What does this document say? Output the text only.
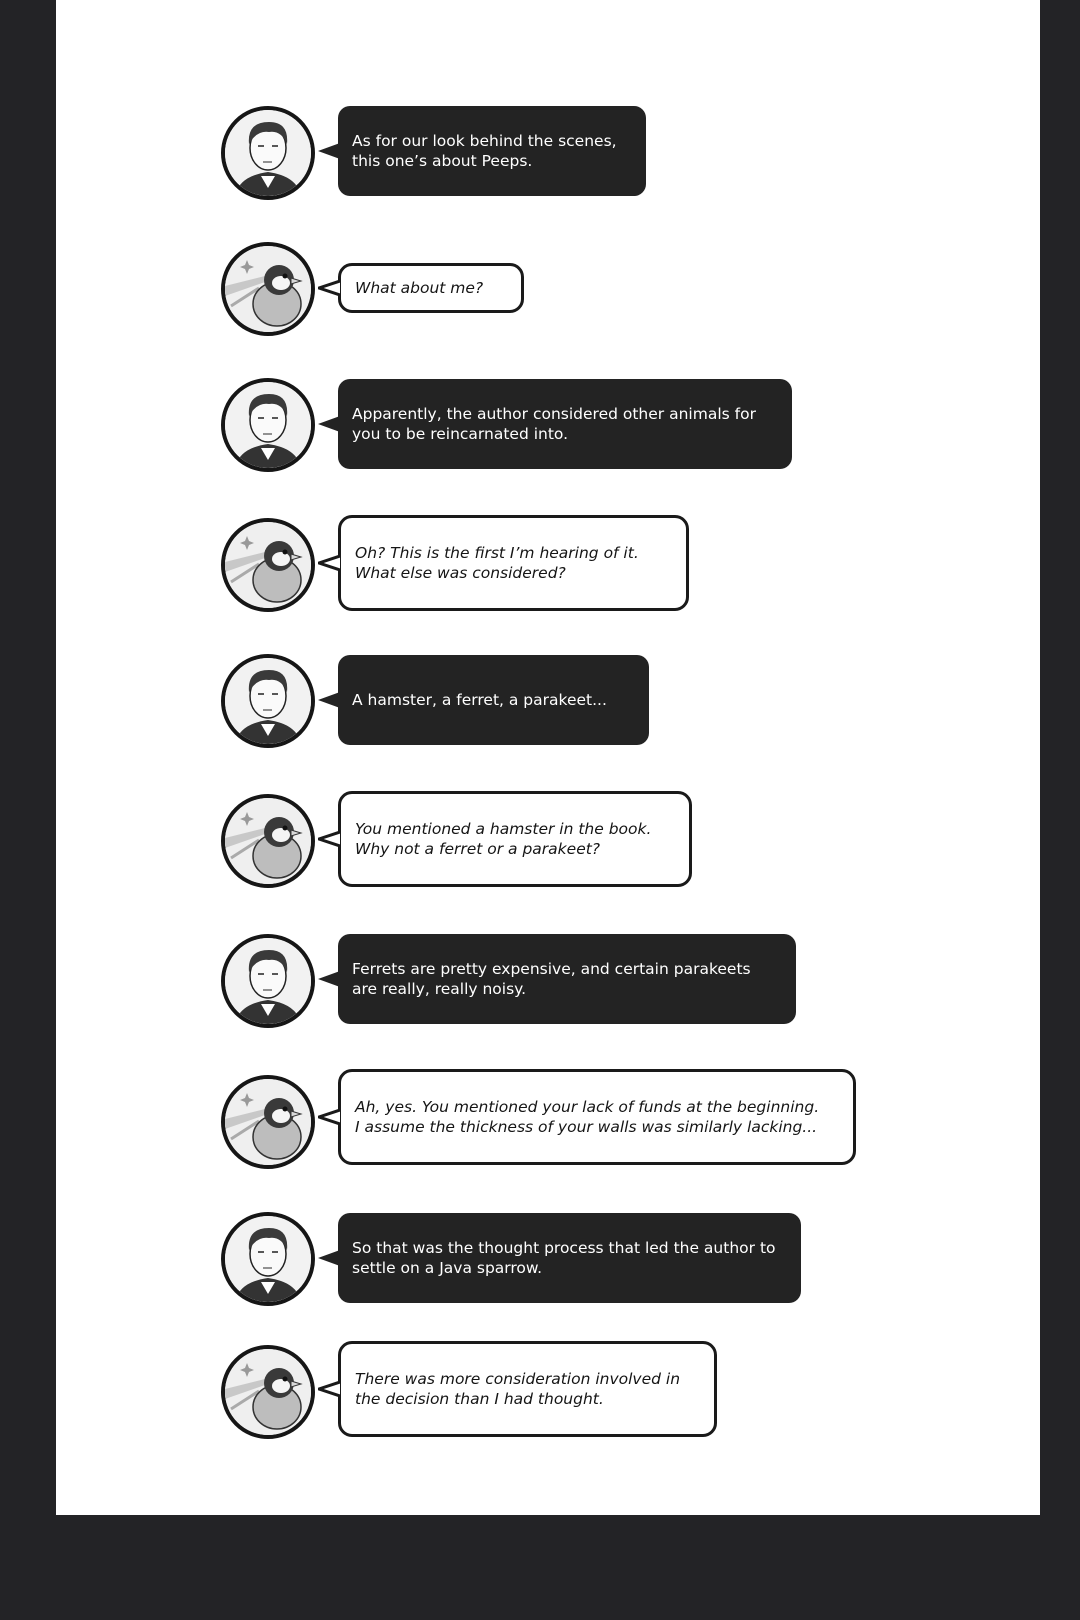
As for our look behind the scenes,
this one’s about Peeps.
What about me?
Apparently, the author considered other animals for
you to be reincarnated into.
Oh? This is the first I’m hearing of it.
What else was considered?
A hamster, a ferret, a parakeet...
You mentioned a hamster in the book.
Why not a ferret or a parakeet?
Ferrets are pretty expensive, and certain parakeets
are really, really noisy.
Ah, yes. You mentioned your lack of funds at the beginning.
I assume the thickness of your walls was similarly lacking...
So that was the thought process that led the author to
settle on a Java sparrow.
There was more consideration involved in
the decision than I had thought.
